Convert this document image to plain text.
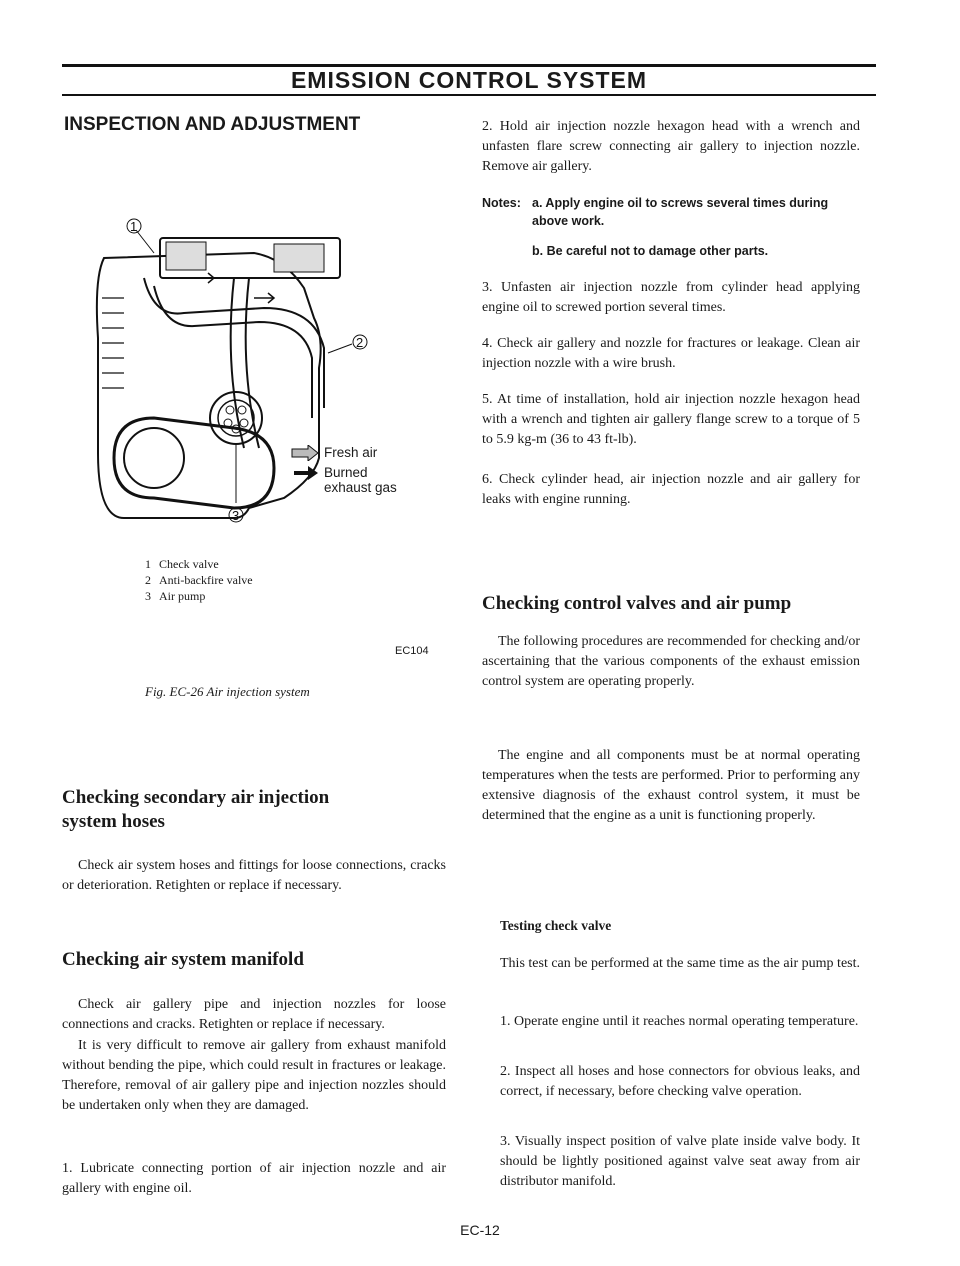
EMISSION CONTROL SYSTEM
INSPECTION AND ADJUSTMENT
1
2
3
Fresh air
Burned exhaust gas
1 Check valve
2 Anti-backfire valve
3 Air pump
EC104
Fig. EC-26 Air injection system
Checking secondary air injection
system hoses

Check air system hoses and fittings for loose connections, cracks or deterioration. Retighten or replace if necessary.

Checking air system manifold

Check air gallery pipe and injection nozzles for loose connections and cracks. Retighten or replace if necessary.

It is very difficult to remove air gallery from exhaust manifold without bending the pipe, which could result in fractures or leakage. Therefore, removal of air gallery pipe and injection nozzles should be undertaken only when they are damaged.

1. Lubricate connecting portion of air injection nozzle and air gallery with engine oil.

2. Hold air injection nozzle hexagon head with a wrench and unfasten flare screw connecting air gallery to injection nozzle. Remove air gallery.

Notes: a. Apply engine oil to screws several times during above work.
b. Be careful not to damage other parts.

3. Unfasten air injection nozzle from cylinder head applying engine oil to screwed portion several times.

4. Check air gallery and nozzle for fractures or leakage. Clean air injection nozzle with a wire brush.

5. At time of installation, hold air injection nozzle hexagon head with a wrench and tighten air gallery flange screw to a torque of 5 to 5.9 kg-m (36 to 43 ft-lb).

6. Check cylinder head, air injection nozzle and air gallery for leaks with engine running.

Checking control valves and air pump

The following procedures are recommended for checking and/or ascertaining that the various components of the exhaust emission control system are operating properly.

The engine and all components must be at normal operating temperatures when the tests are performed. Prior to performing any extensive diagnosis of the exhaust control system, it must be determined that the engine as a unit is functioning properly.

Testing check valve

This test can be performed at the same time as the air pump test.

1. Operate engine until it reaches normal operating temperature.

2. Inspect all hoses and hose connectors for obvious leaks, and correct, if necessary, before checking valve operation.

3. Visually inspect position of valve plate inside valve body. It should be lightly positioned against valve seat away from air distributor manifold.

EC-12
